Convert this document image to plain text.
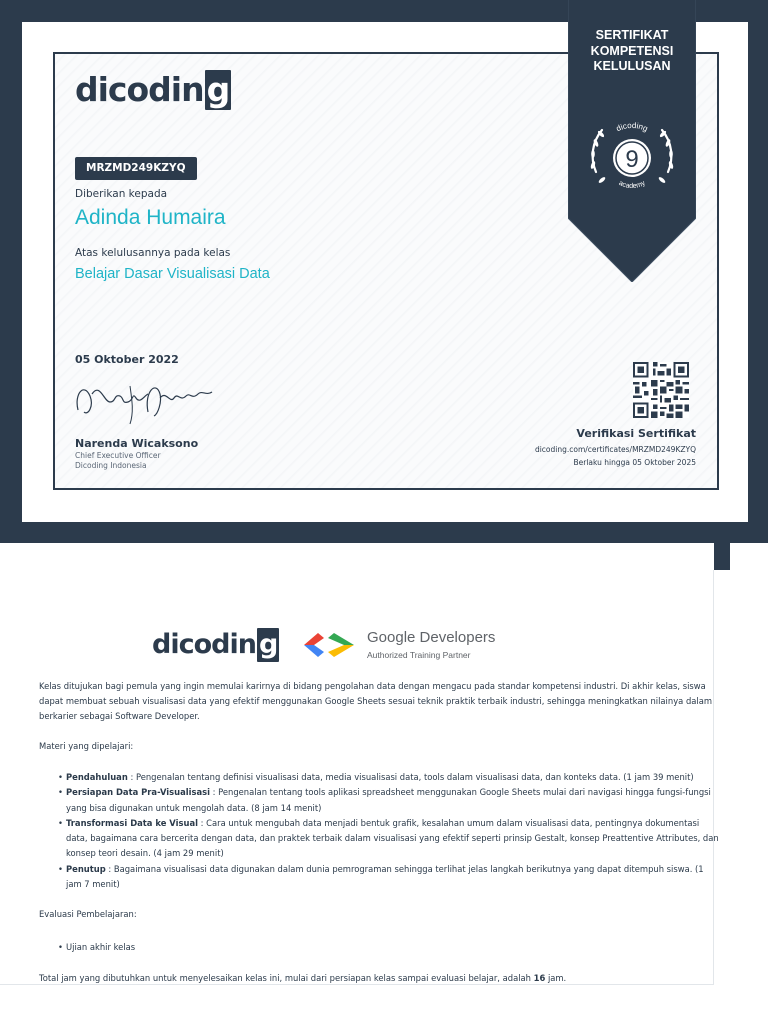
dicoding
MRZMD249KZYQ
Diberikan kepada
Adinda Humaira
Atas kelulusannya pada kelas
Belajar Dasar Visualisasi Data
05 Oktober 2022
Narenda Wicaksono
Chief Executive Officer
Dicoding Indonesia
SERTIFIKAT
KOMPETENSI
KELULUSAN
9
dicoding
academy
Verifikasi Sertifikat
dicoding.com/certificates/MRZMD249KZYQ
Berlaku hingga 05 Oktober 2025
dicodin g	Google Developers
Authorized Training Partner

Kelas ditujukan bagi pemula yang ingin memulai karirnya di bidang pengolahan data dengan mengacu pada standar kompetensi industri. Di akhir kelas, siswa dapat membuat sebuah visualisasi data yang efektif menggunakan Google Sheets sesuai teknik praktik terbaik industri, sehingga meningkatkan nilainya dalam berkarier sebagai Software Developer.

Materi yang dipelajari:

• Pendahuluan : Pengenalan tentang definisi visualisasi data, media visualisasi data, tools dalam visualisasi data, dan konteks data. (1 jam 39 menit)
• Persiapan Data Pra-Visualisasi : Pengenalan tentang tools aplikasi spreadsheet menggunakan Google Sheets mulai dari navigasi hingga fungsi-fungsi yang bisa digunakan untuk mengolah data. (8 jam 14 menit)
• Transformasi Data ke Visual : Cara untuk mengubah data menjadi bentuk grafik, kesalahan umum dalam visualisasi data, pentingnya dokumentasi data, bagaimana cara bercerita dengan data, dan praktek terbaik dalam visualisasi yang efektif seperti prinsip Gestalt, konsep Preattentive Attributes, dan konsep teori desain. (4 jam 29 menit)
• Penutup : Bagaimana visualisasi data digunakan dalam dunia pemrograman sehingga terlihat jelas langkah berikutnya yang dapat ditempuh siswa. (1 jam 7 menit)

Evaluasi Pembelajaran:

• Ujian akhir kelas

Total jam yang dibutuhkan untuk menyelesaikan kelas ini, mulai dari persiapan kelas sampai evaluasi belajar, adalah 16 jam.
